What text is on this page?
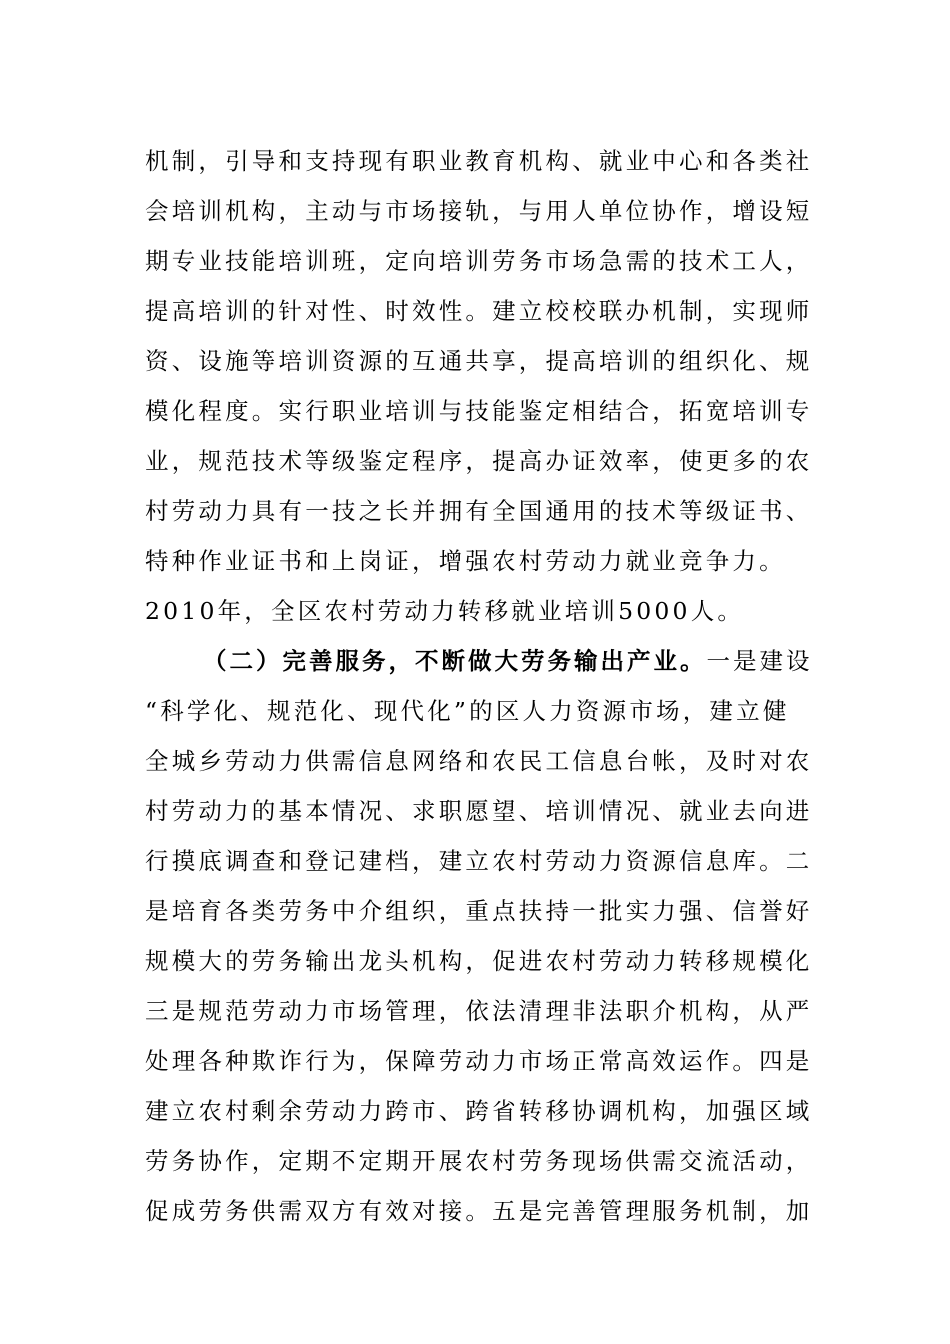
机制，引导和支持现有职业教育机构、就业中心和各类社
会培训机构，主动与市场接轨，与用人单位协作，增设短
期专业技能培训班，定向培训劳务市场急需的技术工人，
提高培训的针对性、时效性。建立校校联办机制，实现师
资、设施等培训资源的互通共享，提高培训的组织化、规
模化程度。实行职业培训与技能鉴定相结合，拓宽培训专
业，规范技术等级鉴定程序，提高办证效率，使更多的农
村劳动力具有一技之长并拥有全国通用的技术等级证书、
特种作业证书和上岗证，增强农村劳动力就业竞争力。
2010年，全区农村劳动力转移就业培训5000人。
（二）完善服务，不断做大劳务输出产业。一是建设
“科学化、规范化、现代化”的区人力资源市场，建立健
全城乡劳动力供需信息网络和农民工信息台帐，及时对农
村劳动力的基本情况、求职愿望、培训情况、就业去向进
行摸底调查和登记建档，建立农村劳动力资源信息库。二
是培育各类劳务中介组织，重点扶持一批实力强、信誉好
规模大的劳务输出龙头机构，促进农村劳动力转移规模化
三是规范劳动力市场管理，依法清理非法职介机构，从严
处理各种欺诈行为，保障劳动力市场正常高效运作。四是
建立农村剩余劳动力跨市、跨省转移协调机构，加强区域
劳务协作，定期不定期开展农村劳务现场供需交流活动，
促成劳务供需双方有效对接。五是完善管理服务机制，加
